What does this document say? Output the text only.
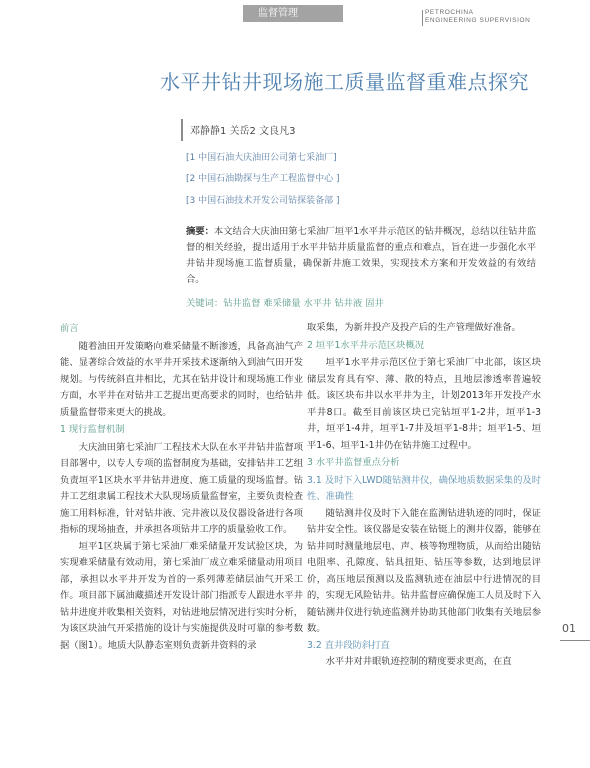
监督管理	PETROCHINA
ENGINEERING SUPERVISION
水平井钻井现场施工质量监督重难点探究
邓静静1 关岳2 文良凡3
[1 中国石油大庆油田公司第七采油厂]
[2 中国石油勘探与生产工程监督中心 ]
[3 中国石油技术开发公司钻探装备部 ]
摘要：本文结合大庆油田第七采油厂垣平1水平井示范区的钻井概况，总结以往钻井监督的相关经验，提出适用于水平井钻井质量监督的重点和难点，旨在进一步强化水平井钻井现场施工监督质量，确保新井施工效果，实现技术方案和开发效益的有效结合。
关键词：钻井监督 难采储量 水平井 钻井液 固井
前言

随着油田开发策略向难采储量不断渗透，具备高油气产能、显著综合效益的水平井开采技术逐渐纳入到油气田开发规划。与传统斜直井相比，尤其在钻井设计和现场施工作业方面，水平井在对钻井工艺提出更高要求的同时，也给钻井质量监督带来更大的挑战。

1 现行监督机制

大庆油田第七采油厂工程技术大队在水平井钻井监督项目部署中，以专人专项的监督制度为基础，安排钻井工艺组负责垣平1区块水平井钻井进度、施工质量的现场监督。钻井工艺组隶属工程技术大队现场质量监督室，主要负责检查施工用料标准，针对钻井液、完井液以及仪器设备进行各项指标的现场抽查，并承担各项钻井工序的质量验收工作。

垣平1区块属于第七采油厂难采储量开发试验区块，为实现难采储量有效动用，第七采油厂成立难采储量动用项目部，承担以水平井开发为首的一系列薄差储层油气开采工作。项目部下属油藏描述开发设计部门指派专人跟进水平井钻井进度并收集相关资料，对钻进地层情况进行实时分析，为该区块油气开采措施的设计与实施提供及时可靠的参考数据（图1）。地质大队静态室则负责新井资料的录

取采集，为新井投产及投产后的生产管理做好准备。

2 垣平1水平井示范区块概况

垣平1水平井示范区位于第七采油厂中北部，该区块储层发育具有窄、薄、散的特点，且地层渗透率普遍较低。该区块布井以水平井为主，计划2013年开发投产水平井8口。截至目前该区块已完钻垣平1-2井，垣平1-3井，垣平1-4井，垣平1-7井及垣平1-8井；垣平1-5、垣平1-6、垣平1-1井仍在钻井施工过程中。

3 水平井监督重点分析
3.1 及时下入LWD随钻测井仪，确保地质数据采集的及时性、准确性

随钻测井仪及时下入能在监测钻进轨迹的同时，保证钻井安全性。该仪器是安装在钻铤上的测井仪器，能够在钻井同时测量地层电、声、核等物理物质，从而给出随钻电阻率、孔隙度、钻具扭矩、钻压等参数，达到地层评价，高压地层预测以及监测轨迹在油层中行进情况的目的，实现无风险钻井。钻井监督应确保施工人员及时下入随钻测井仪进行轨迹监测并协助其他部门收集有关地层参数。

3.2 直井段防斜打直

水平井对井眼轨迹控制的精度要求更高，在直

01
